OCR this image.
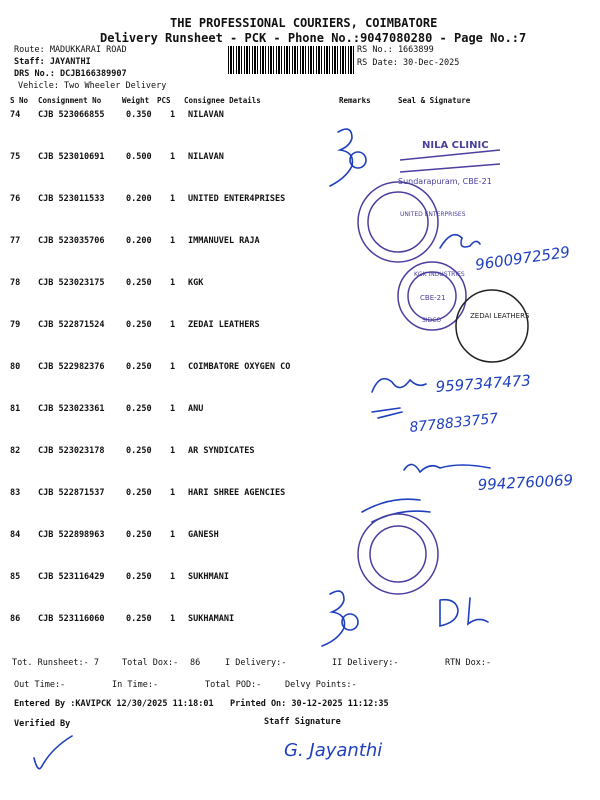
THE PROFESSIONAL COURIERS, COIMBATORE
Delivery Runsheet - PCK - Phone No.:9047080280 - Page No.:7
Route: MADUKKARAI ROAD
Staff: JAYANTHI
DRS No.: DCJB166389907
Vehicle: Two Wheeler Delivery
RS No.: 1663899
RS Date: 30-Dec-2025
S No Consignment No	Weight PCS Consignee Details	Remarks	Seal & Signature
74 CJB 523066855	0.350 1 NILAVAN
75 CJB 523010691	0.500 1 NILAVAN
76 CJB 523011533	0.200 1 UNITED ENTER4PRISES
77 CJB 523035706	0.200 1 IMMANUVEL RAJA
78 CJB 523023175	0.250 1 KGK
79 CJB 522871524	0.250 1 ZEDAI LEATHERS
80 CJB 522982376	0.250 1 COIMBATORE OXYGEN CO
81 CJB 523023361	0.250 1 ANU
82 CJB 523023178	0.250 1 AR SYNDICATES
83 CJB 522871537	0.250 1 HARI SHREE AGENCIES
84 CJB 522898963	0.250 1 GANESH
85 CJB 523116429	0.250 1 SUKHMANI
86 CJB 523116060	0.250 1 SUKHAMANI
Tot. Runsheet:- 7	Total Dox:- 86	I Delivery:-	II Delivery:-	RTN Dox:-
Out Time:-	In Time:-	Total POD:-	Delvy Points:-
Entered By :KAVIPCK 12/30/2025 11:18:01 Printed On: 30-12-2025 11:12:35
Verified By	Staff Signature
9600972529
9597347473
8778833757
9942760069
G. Jayanthi
NILA CLINIC
Sundarapuram, CBE-21
UNITED ENTERPRISES
KGK INDUSTRIES
CBE-21
SIDCO
ZEDAI LEATHERS
